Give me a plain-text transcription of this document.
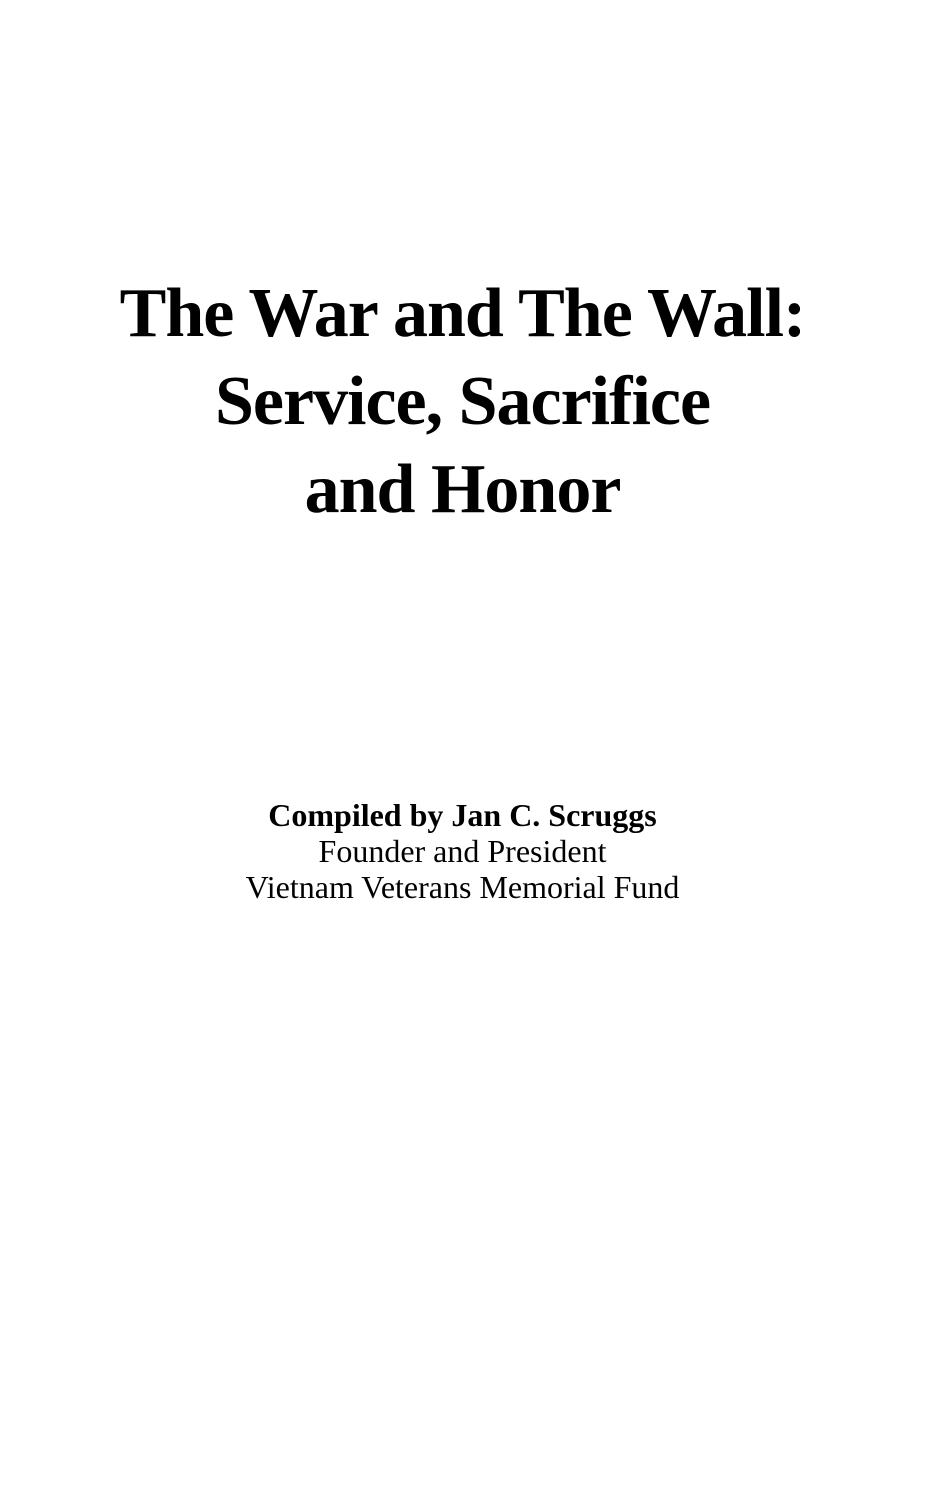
The War and The Wall:
Service, Sacrifice
and Honor
Compiled by Jan C. Scruggs
Founder and President
Vietnam Veterans Memorial Fund
